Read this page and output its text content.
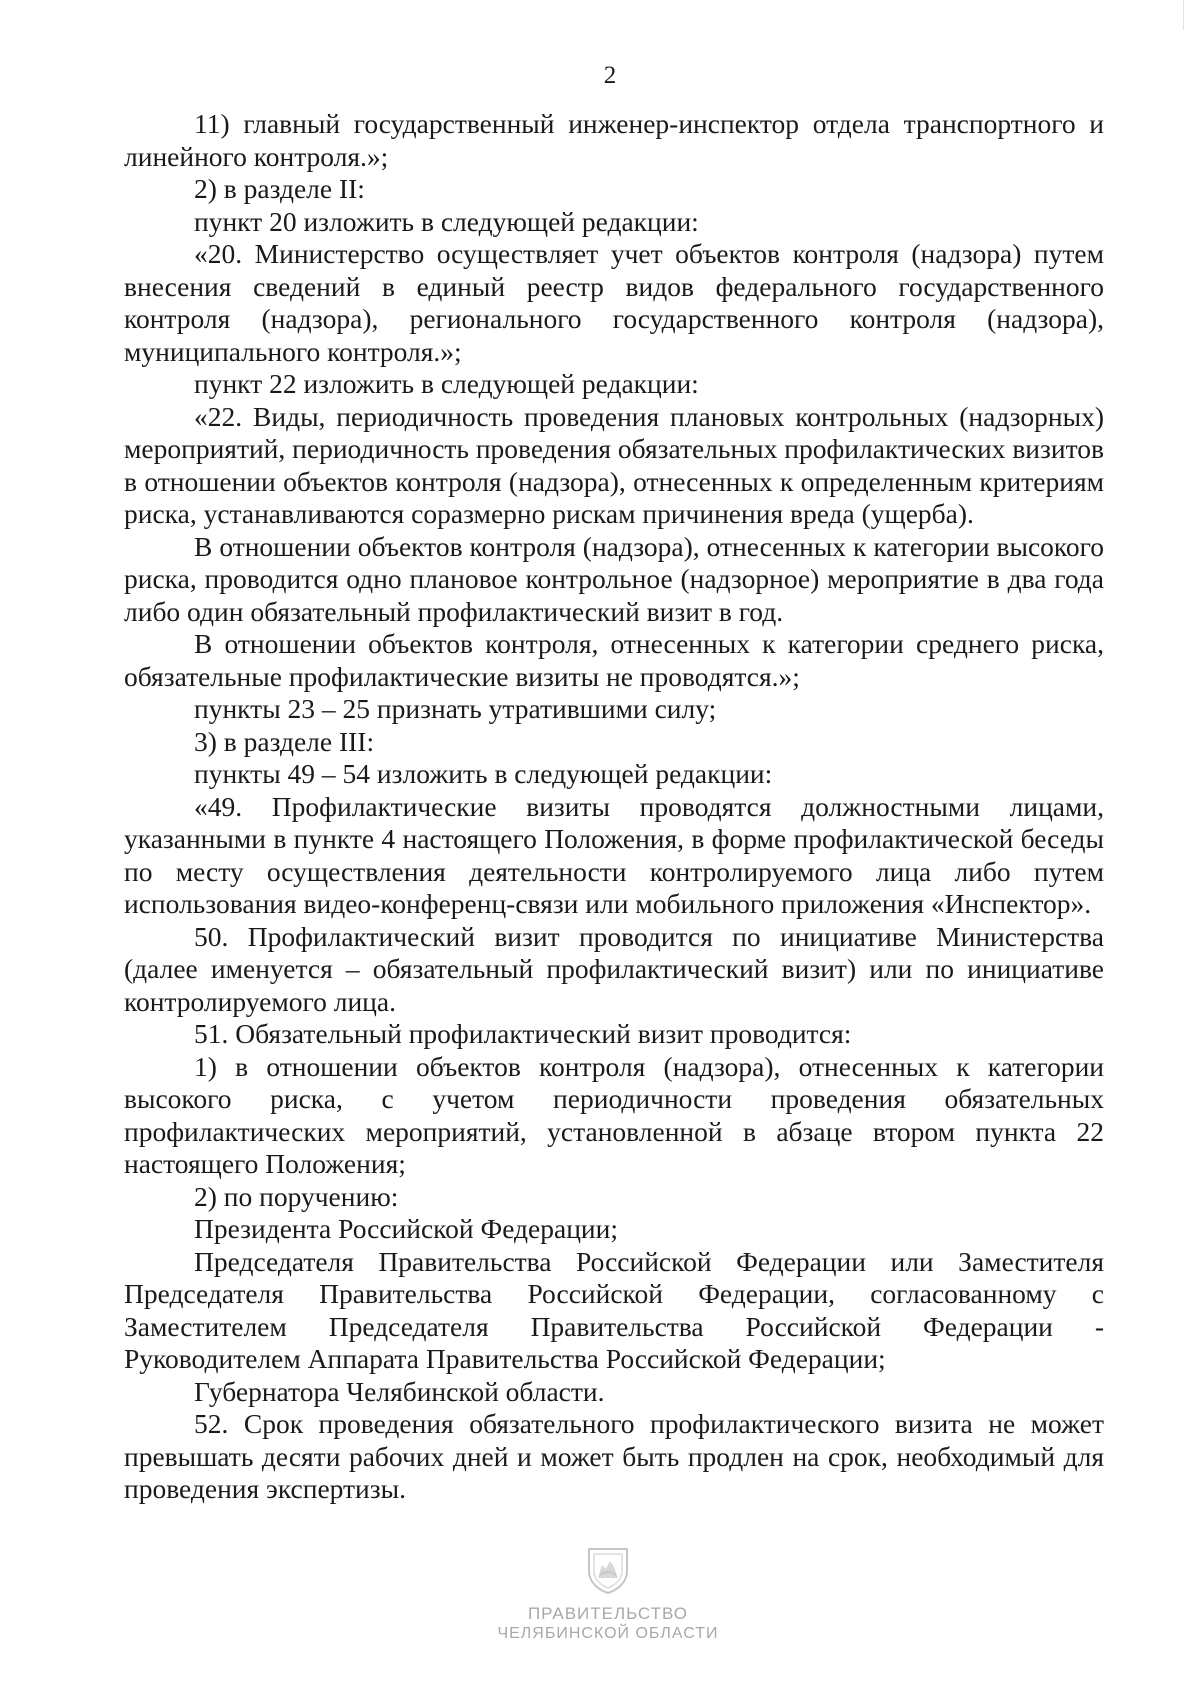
2

11) главный государственный инженер-инспектор отдела транспортного и линейного контроля.»;

2) в разделе II:

пункт 20 изложить в следующей редакции:

«20. Министерство осуществляет учет объектов контроля (надзора) путем внесения сведений в единый реестр видов федерального государственного контроля (надзора), регионального государственного контроля (надзора), муниципального контроля.»;

пункт 22 изложить в следующей редакции:

«22. Виды, периодичность проведения плановых контрольных (надзорных) мероприятий, периодичность проведения обязательных профилактических визитов в отношении объектов контроля (надзора), отнесенных к определенным критериям риска, устанавливаются соразмерно рискам причинения вреда (ущерба).

В отношении объектов контроля (надзора), отнесенных к категории высокого риска, проводится одно плановое контрольное (надзорное) мероприятие в два года либо один обязательный профилактический визит в год.

В отношении объектов контроля, отнесенных к категории среднего риска, обязательные профилактические визиты не проводятся.»;

пункты 23 – 25 признать утратившими силу;

3) в разделе III:

пункты 49 – 54 изложить в следующей редакции:

«49. Профилактические визиты проводятся должностными лицами, указанными в пункте 4 настоящего Положения, в форме профилактической беседы по месту осуществления деятельности контролируемого лица либо путем использования видео-конференц-связи или мобильного приложения «Инспектор».

50. Профилактический визит проводится по инициативе Министерства (далее именуется – обязательный профилактический визит) или по инициативе контролируемого лица.

51. Обязательный профилактический визит проводится:

1) в отношении объектов контроля (надзора), отнесенных к категории высокого риска, с учетом периодичности проведения обязательных профилактических мероприятий, установленной в абзаце втором пункта 22 настоящего Положения;

2) по поручению:

Президента Российской Федерации;

Председателя Правительства Российской Федерации или Заместителя Председателя Правительства Российской Федерации, согласованному с Заместителем Председателя Правительства Российской Федерации - Руководителем Аппарата Правительства Российской Федерации;

Губернатора Челябинской области.

52. Срок проведения обязательного профилактического визита не может превышать десяти рабочих дней и может быть продлен на срок, необходимый для проведения экспертизы.

ПРАВИТЕЛЬСТВО
ЧЕЛЯБИНСКОЙ ОБЛАСТИ
